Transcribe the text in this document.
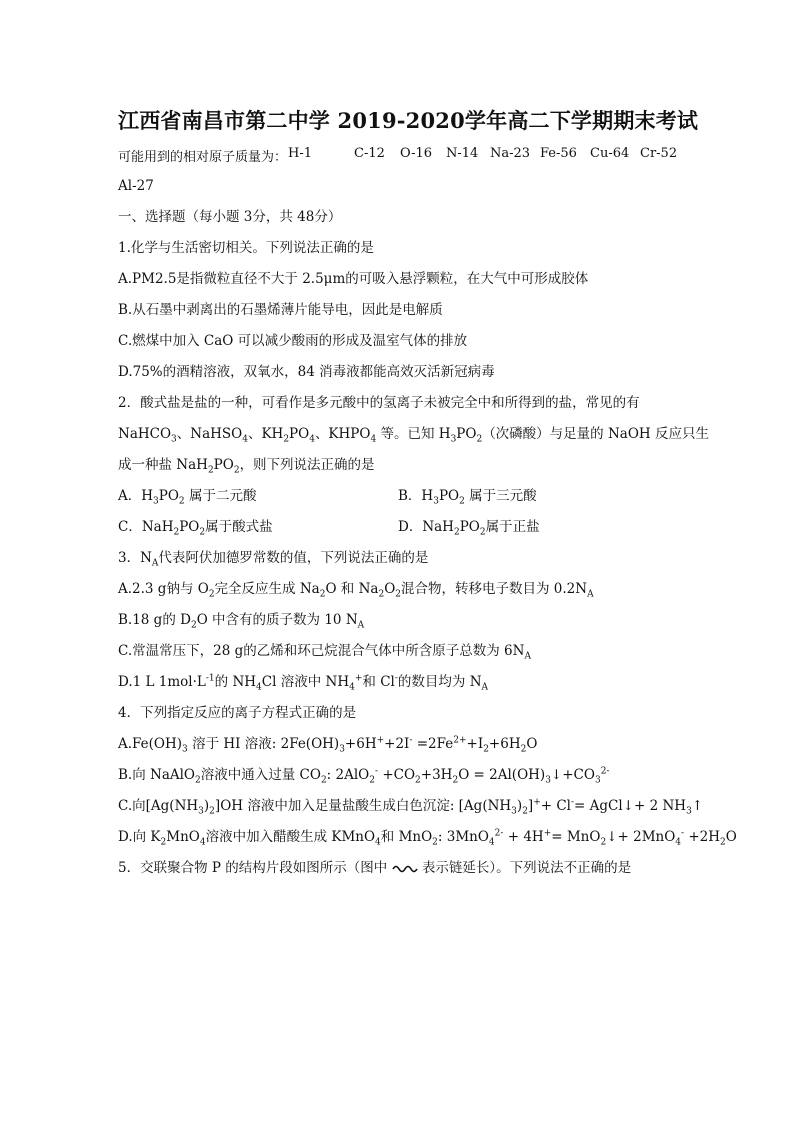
江西省南昌市第二中学 2019-2020学年高二下学期期末考试
可能用到的相对原子质量为： H-1	C-12 O-16 N-14 Na-23 Fe-56 Cu-64 Cr-52
Al-27
一、选择题（每小题 3分，共 48分）
1.化学与生活密切相关。下列说法正确的是
A.PM2.5是指微粒直径不大于 2.5μm的可吸入悬浮颗粒，在大气中可形成胶体
B.从石墨中剥离出的石墨烯薄片能导电，因此是电解质
C.燃煤中加入 CaO 可以减少酸雨的形成及温室气体的排放
D.75%的酒精溶液，双氧水，84 消毒液都能高效灭活新冠病毒
2．酸式盐是盐的一种，可看作是多元酸中的氢离子未被完全中和所得到的盐，常见的有
NaHCO$_3$、NaHSO$_4$、$KH_2PO_4$、$KHPO_4$ 等。已知 $H_3PO_2$（次磷酸）与足量的 NaOH 反应只生
成一种盐 $NaH_2PO_2$，则下列说法正确的是
A．$H_3PO_2$ 属于二元酸	B．$H_3PO_2$ 属于三元酸
C．$NaH_2PO_2$属于酸式盐	D．$NaH_2PO_2$属于正盐
3．$N_A$代表阿伏加德罗常数的值，下列说法正确的是
A.2.3 g钠与 $O_2$完全反应生成 $Na_2O$ 和 $Na_2O_2$混合物，转移电子数目为 $0.2N_A$
B.18 g的 $D_2O$ 中含有的质子数为 10 $N_A$
C.常温常压下，28 g的乙烯和环己烷混合气体中所含原子总数为 $6N_A$
D.1 L $1mol\cdot L^{-1}$的 $NH_4Cl$ 溶液中 $NH_4^+$和 Cl-的数目均为 $N_A$
4．下列指定反应的离子方程式正确的是
$A.Fe(OH)_3$ 溶于 HI 溶液: $2Fe(OH)_3+6H^++2I^- =2Fe^{2+}+I_2+6H_2O$
B.向 NaAlO$_2$溶液中通入过量 $CO_2$: $2AlO_2^- +CO_2+3H_2O$ = $2Al(OH)_3↓+CO_3^{2-}$
C.向$[Ag(NH_3)_2]OH$ 溶液中加入足量盐酸生成白色沉淀: $[Ag(NH_3)_2]^++ Cl^-=$ AgCl↓+ 2 $NH_3↑$
D.向 $K_2MnO_4$溶液中加入醋酸生成 KMnO$_4$和 MnO$_2$: 3MnO$_4^{2-}$ + 4H+= MnO$_2$↓+ $2MnO_4^- +2H_2O$
5．交联聚合物 P 的结构片段如图所示（图中	表示链延长）。下列说法不正确的是
